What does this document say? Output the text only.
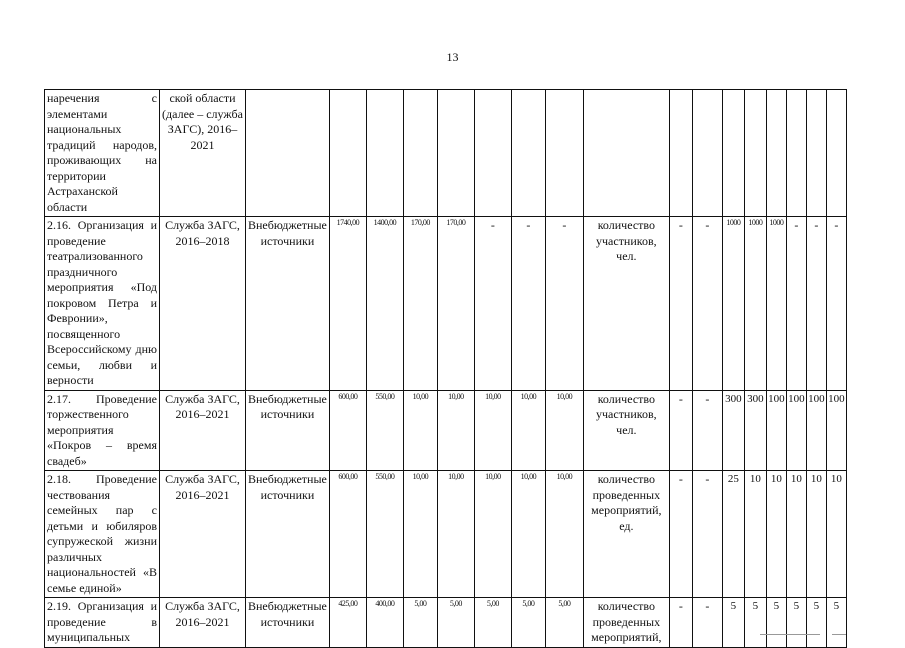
13
наречения с элементами национальных традиций народов, проживающих на территории Астраханской области	ской области (далее – служба ЗАГС), 2016–2021																	
2.16. Организация и проведение театрализованного праздничного мероприятия «Под покровом Петра и Февронии», посвященного Всероссийскому дню семьи, любви и верности	Служба ЗАГС, 2016–2018	Внебюджетные источники	1740,00	1400,00	170,00	170,00	-	-	-	количество участников, чел.	-	-	1000	1000	1000	-	-	-
2.17. Проведение торжественного мероприятия «Покров – время свадеб»	Служба ЗАГС, 2016–2021	Внебюджетные источники	600,00	550,00	10,00	10,00	10,00	10,00	10,00	количество участников, чел.	-	-	300	300	100	100	100	100
2.18. Проведение чествования семейных пар с детьми и юбиляров супружеской жизни различных национальностей «В семье единой»	Служба ЗАГС, 2016–2021	Внебюджетные источники	600,00	550,00	10,00	10,00	10,00	10,00	10,00	количество проведенных мероприятий, ед.	-	-	25	10	10	10	10	10
2.19. Организация и проведение в муниципальных	Служба ЗАГС, 2016–2021	Внебюджетные источники	425,00	400,00	5,00	5,00	5,00	5,00	5,00	количество проведенных мероприятий,	-	-	5	5	5	5	5	5
